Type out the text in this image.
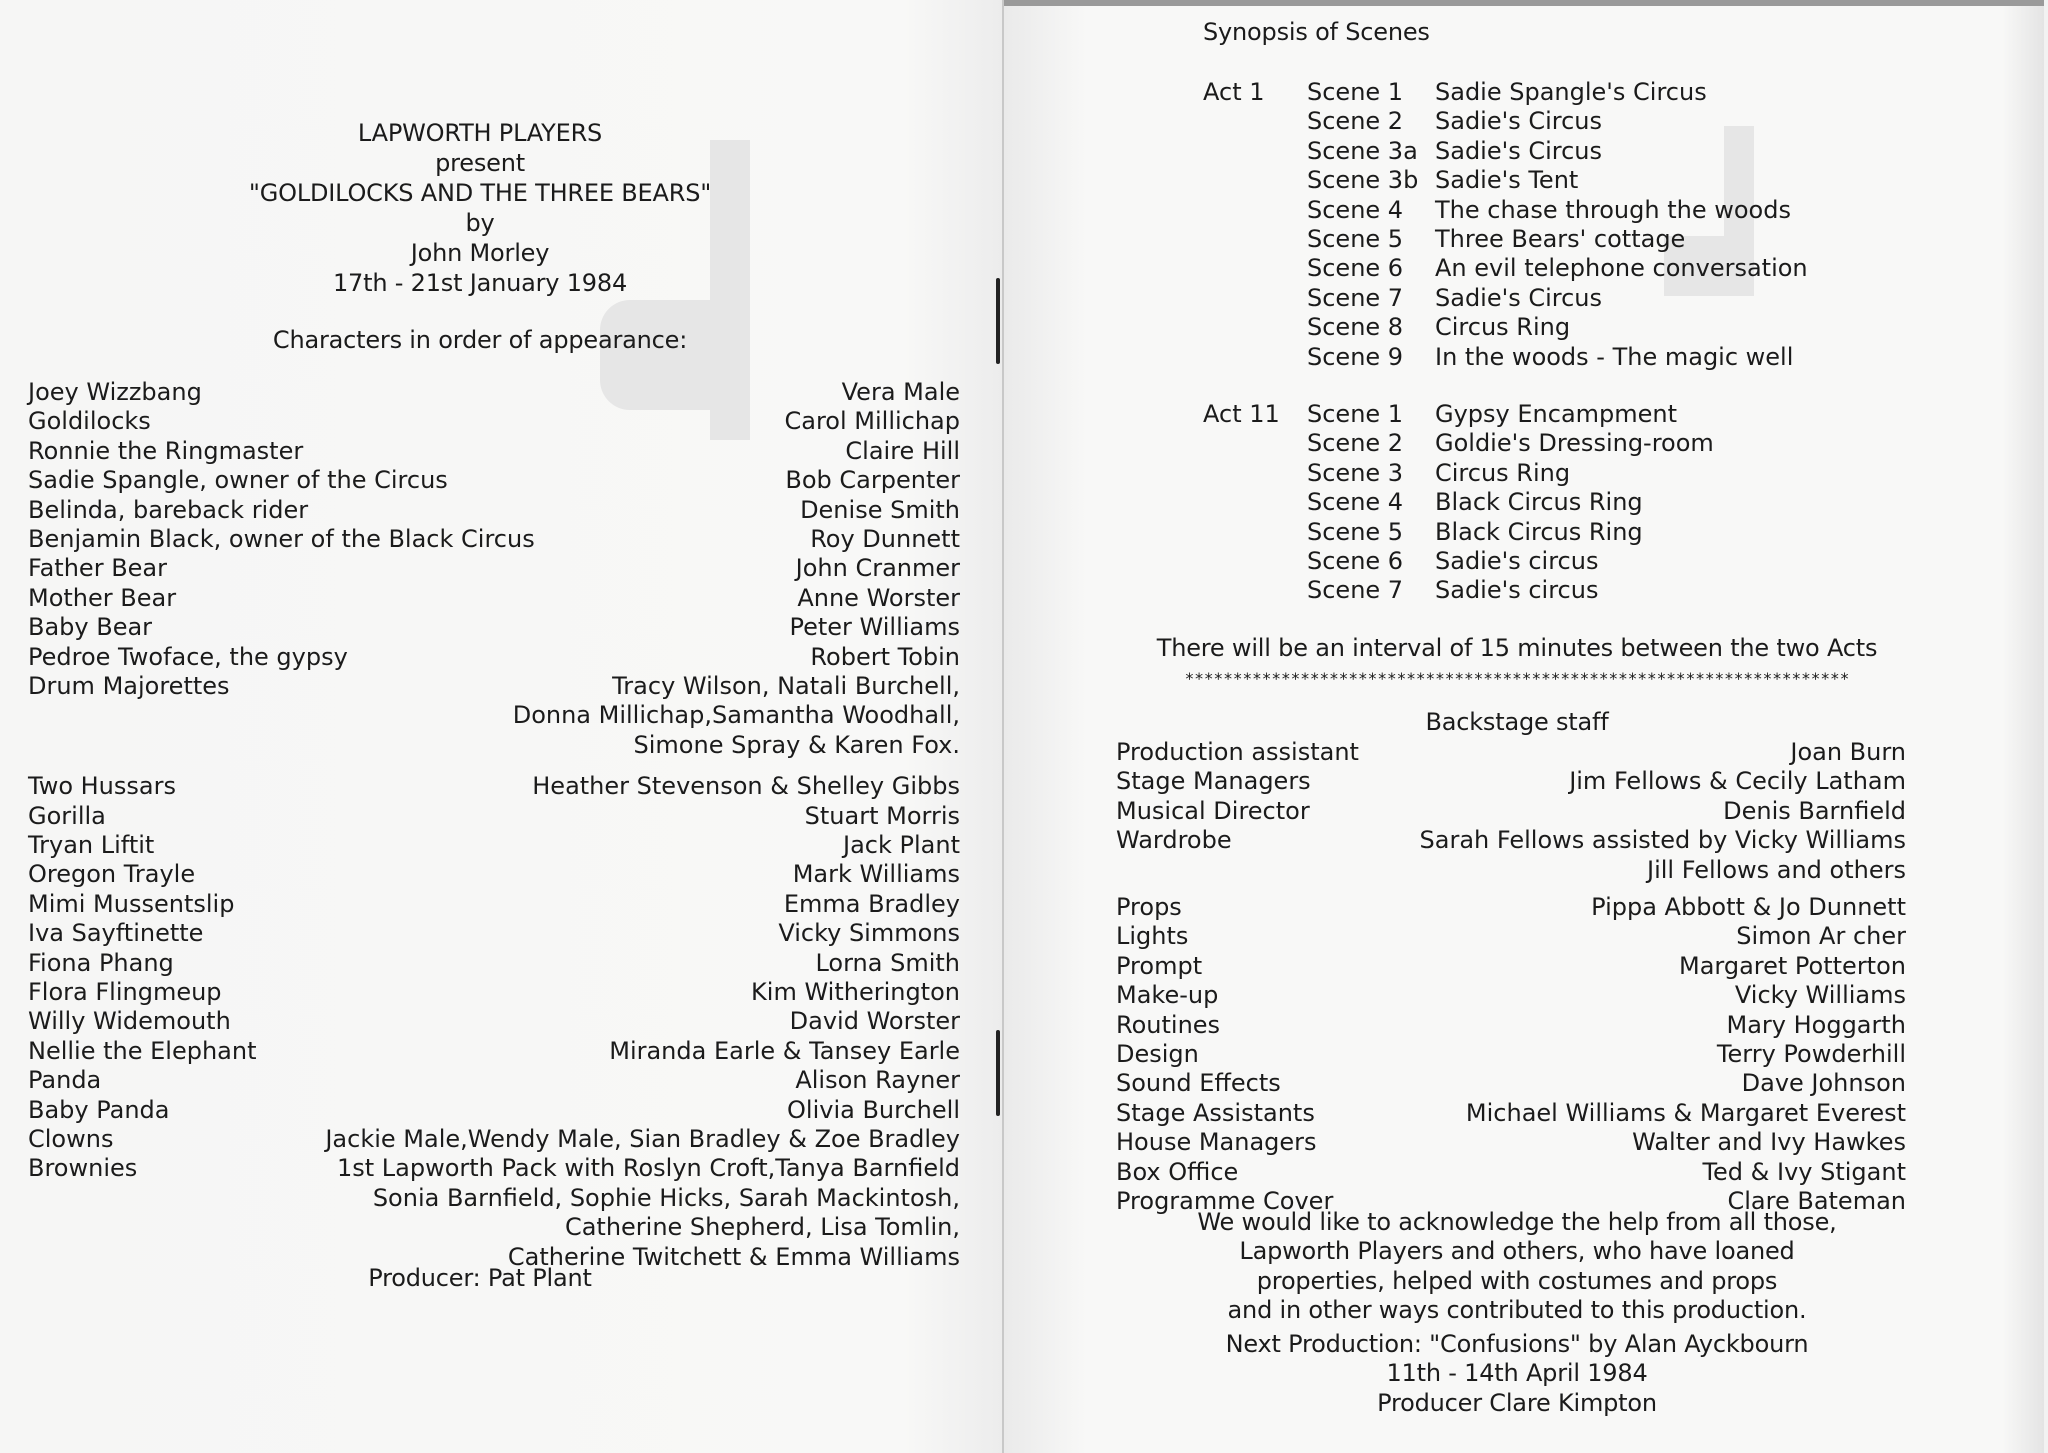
LAPWORTH PLAYERS
present
"GOLDILOCKS AND THE THREE BEARS"
by
John Morley
17th - 21st January 1984
Characters in order of appearance:
Joey Wizzbang	Vera Male
Goldilocks	Carol Millichap
Ronnie the Ringmaster	Claire Hill
Sadie Spangle, owner of the Circus	Bob Carpenter
Belinda, bareback rider	Denise Smith
Benjamin Black, owner of the Black Circus	Roy Dunnett
Father Bear	John Cranmer
Mother Bear	Anne Worster
Baby Bear	Peter Williams
Pedroe Twoface, the gypsy	Robert Tobin
Drum Majorettes	Tracy Wilson, Natali Burchell,
Donna Millichap,Samantha Woodhall,
Simone Spray & Karen Fox.
Two Hussars	Heather Stevenson & Shelley Gibbs
Gorilla	Stuart Morris
Tryan Liftit	Jack Plant
Oregon Trayle	Mark Williams
Mimi Mussentslip	Emma Bradley
Iva Sayftinette	Vicky Simmons
Fiona Phang	Lorna Smith
Flora Flingmeup	Kim Witherington
Willy Widemouth	David Worster
Nellie the Elephant	Miranda Earle & Tansey Earle
Panda	Alison Rayner
Baby Panda	Olivia Burchell
Clowns	Jackie Male,Wendy Male, Sian Bradley & Zoe Bradley
Brownies	1st Lapworth Pack with Roslyn Croft,Tanya Barnfield
Sonia Barnfield, Sophie Hicks, Sarah Mackintosh,
Catherine Shepherd, Lisa Tomlin,
Catherine Twitchett & Emma Williams
Producer: Pat Plant
Synopsis of Scenes
Act 1 Scene 1 Sadie Spangle's Circus
Scene 2 Sadie's Circus
Scene 3a Sadie's Circus
Scene 3b Sadie's Tent
Scene 4 The chase through the woods
Scene 5 Three Bears' cottage
Scene 6 An evil telephone conversation
Scene 7 Sadie's Circus
Scene 8 Circus Ring
Scene 9 In the woods - The magic well
Act 11 Scene 1 Gypsy Encampment
Scene 2 Goldie's Dressing-room
Scene 3 Circus Ring
Scene 4 Black Circus Ring
Scene 5 Black Circus Ring
Scene 6 Sadie's circus
Scene 7 Sadie's circus
There will be an interval of 15 minutes between the two Acts
*********************************************************************
Backstage staff
Production assistant	Joan Burn
Stage Managers	Jim Fellows & Cecily Latham
Musical Director	Denis Barnfield
Wardrobe	Sarah Fellows assisted by Vicky Williams
Jill Fellows and others
Props	Pippa Abbott & Jo Dunnett
Lights	Simon Ar cher
Prompt	Margaret Potterton
Make-up	Vicky Williams
Routines	Mary Hoggarth
Design	Terry Powderhill
Sound Effects	Dave Johnson
Stage Assistants	Michael Williams & Margaret Everest
House Managers	Walter and Ivy Hawkes
Box Office	Ted & Ivy Stigant
Programme Cover	Clare Bateman
We would like to acknowledge the help from all those,
Lapworth Players and others, who have loaned
properties, helped with costumes and props
and in other ways contributed to this production.
Next Production: "Confusions" by Alan Ayckbourn
11th - 14th April 1984
Producer Clare Kimpton
